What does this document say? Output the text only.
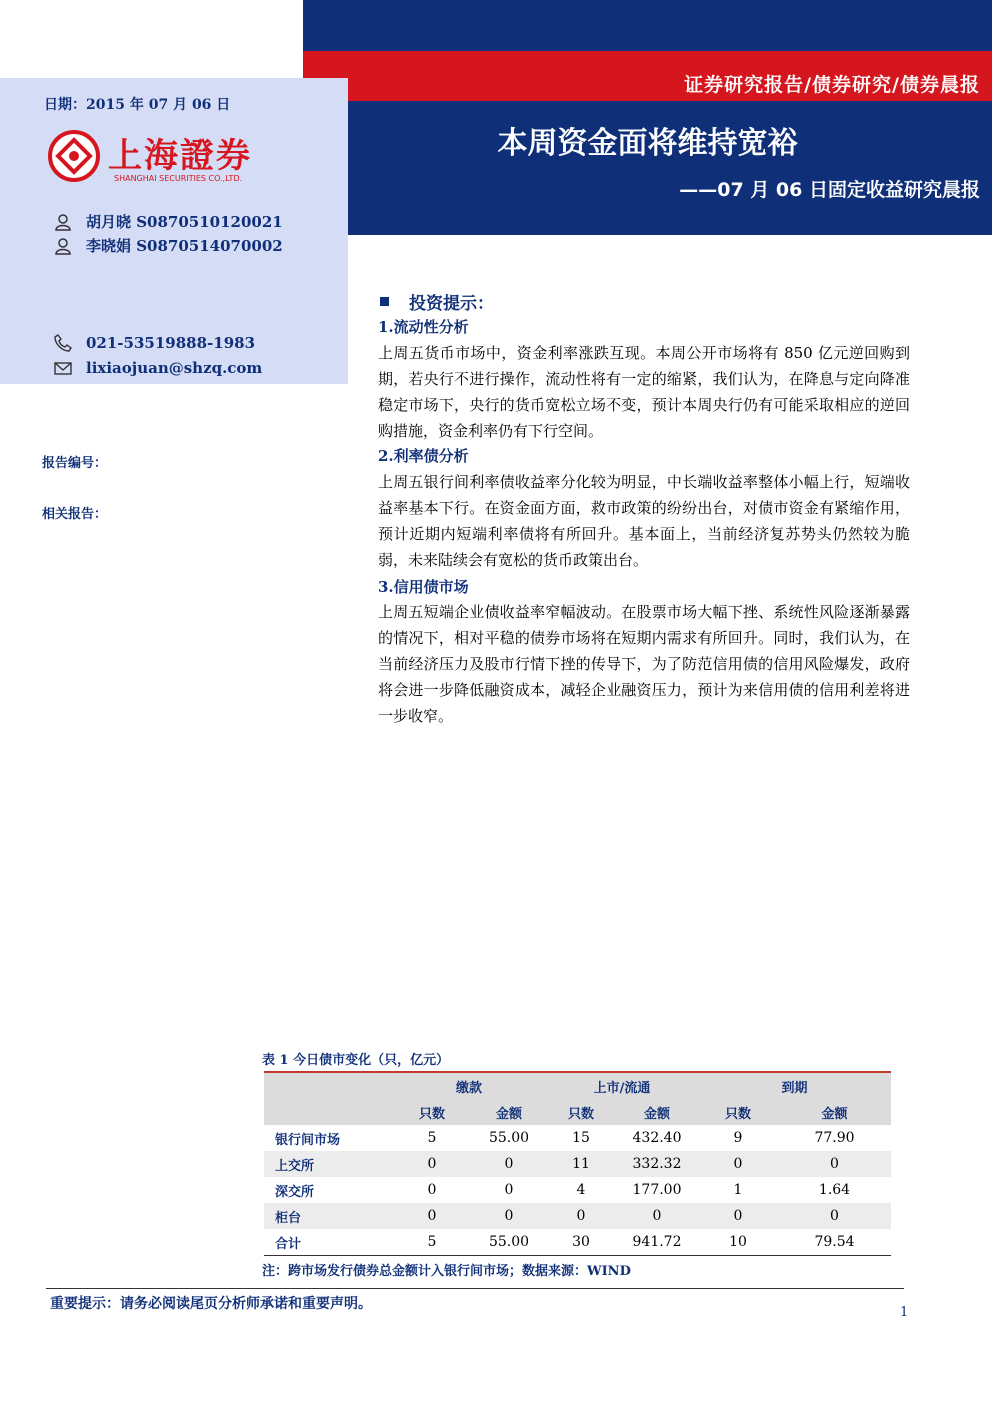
证券研究报告/债券研究/债券晨报
本周资金面将维持宽裕
——07 月 06 日固定收益研究晨报
日期：2015 年 07 月 06 日
上海證券
SHANGHAI SECURITIES CO.,LTD.
胡月晓 S0870510120021
李晓娟 S0870514070002
021-53519888-1983
lixiaojuan@shzq.com
报告编号：
相关报告：
投资提示：
1.流动性分析
上周五货币市场中，资金利率涨跌互现。本周公开市场将有 850 亿元逆回购到期，若央行不进行操作，流动性将有一定的缩紧，我们认为，在降息与定向降准稳定市场下，央行的货币宽松立场不变，预计本周央行仍有可能采取相应的逆回购措施，资金利率仍有下行空间。
2.利率债分析
上周五银行间利率债收益率分化较为明显，中长端收益率整体小幅上行，短端收益率基本下行。在资金面方面，救市政策的纷纷出台，对债市资金有紧缩作用，预计近期内短端利率债将有所回升。基本面上，当前经济复苏势头仍然较为脆弱，未来陆续会有宽松的货币政策出台。
3.信用债市场
上周五短端企业债收益率窄幅波动。在股票市场大幅下挫、系统性风险逐渐暴露的情况下，相对平稳的债券市场将在短期内需求有所回升。同时，我们认为，在当前经济压力及股市行情下挫的传导下，为了防范信用债的信用风险爆发，政府将会进一步降低融资成本，减轻企业融资压力，预计为来信用债的信用利差将进一步收窄。
表 1 今日债市变化（只，亿元）
	缴款		上市/流通		到期	
	只数	金额	只数	金额	只数	金额
银行间市场	5	55.00	15	432.40	9	77.90
上交所	0	0	11	332.32	0	0
深交所	0	0	4	177.00	1	1.64
柜台	0	0	0	0	0	0
合计	5	55.00	30	941.72	10	79.54
注：跨市场发行债券总金额计入银行间市场；数据来源：WIND
重要提示：请务必阅读尾页分析师承诺和重要声明。
1
